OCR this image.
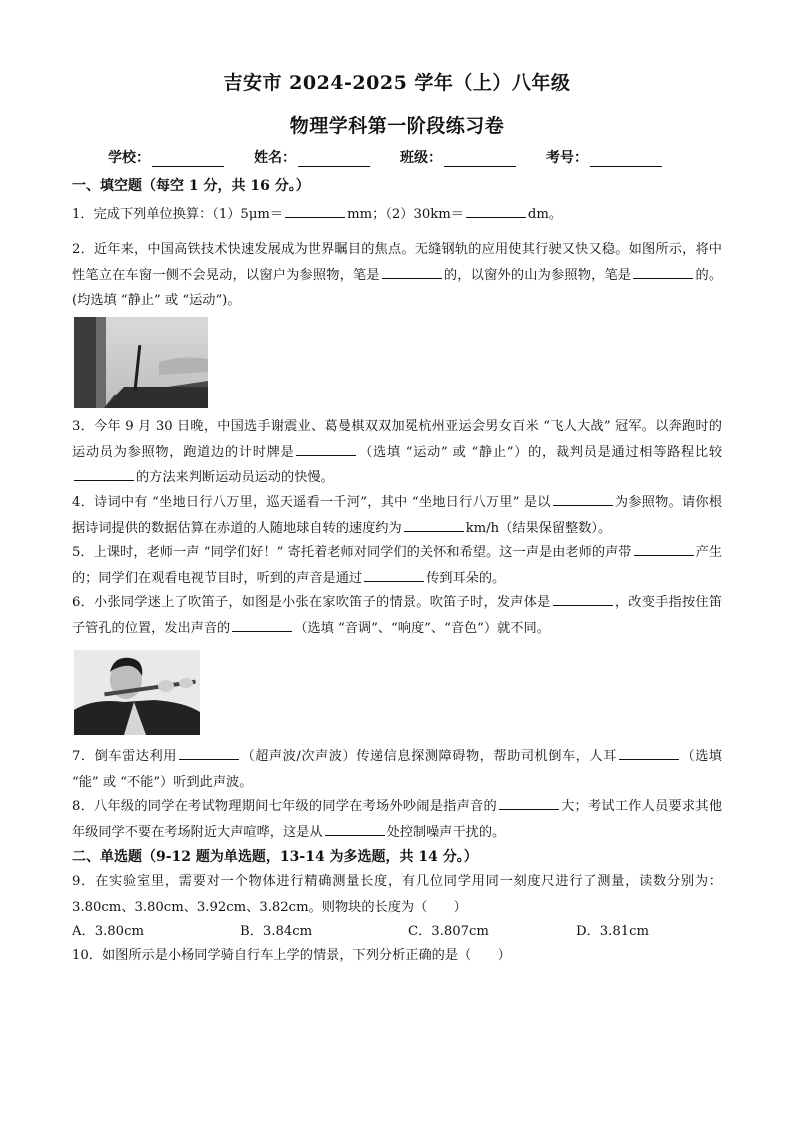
吉安市 2024-2025 学年（上）八年级
物理学科第一阶段练习卷
学校：	姓名：	班级：	考号：
一、填空题（每空 1 分，共 16 分。）
1．完成下列单位换算：（1）5μm＝	mm；（2）30km＝	dm。
2．近年来，中国高铁技术快速发展成为世界瞩目的焦点。无缝钢轨的应用使其行驶又快又稳。如图所示，将中性笔立在车窗一侧不会晃动，以窗户为参照物，笔是	的，以窗外的山为参照物，笔是	的。(均选填 “静止” 或 “运动”)。
3．今年 9 月 30 日晚，中国选手谢震业、葛曼棋双双加冕杭州亚运会男女百米 “飞人大战” 冠军。以奔跑时的运动员为参照物，跑道边的计时牌是	（选填 “运动” 或 “静止”）的，裁判员是通过相等路程比较的方法来判断运动员运动的快慢。
4．诗词中有 “坐地日行八万里，巡天遥看一千河”，其中 “坐地日行八万里” 是以	为参照物。请你根据诗词提供的数据估算在赤道的人随地球自转的速度约为	km/h（结果保留整数）。
5．上课时，老师一声 “同学们好！” 寄托着老师对同学们的关怀和希望。这一声是由老师的声带	产生的；同学们在观看电视节目时，听到的声音是通过	传到耳朵的。
6．小张同学迷上了吹笛子，如图是小张在家吹笛子的情景。吹笛子时，发声体是	，改变手指按住笛子管孔的位置，发出声音的	（选填 “音调”、“响度”、“音色”）就不同。
7．倒车雷达利用	（超声波/次声波）传递信息探测障碍物，帮助司机倒车，人耳	（选填 “能” 或 “不能”）听到此声波。
8．八年级的同学在考试物理期间七年级的同学在考场外吵闹是指声音的	大；考试工作人员要求其他年级同学不要在考场附近大声喧哗，这是从	处控制噪声干扰的。
二、单选题（9-12 题为单选题，13-14 为多选题，共 14 分。）
9．在实验室里，需要对一个物体进行精确测量长度，有几位同学用同一刻度尺进行了测量，读数分别为：3.80cm、3.80cm、3.92cm、3.82cm。则物块的长度为（　　）
A．3.80cm	B．3.84cm	C．3.807cm	D．3.81cm
10．如图所示是小杨同学骑自行车上学的情景，下列分析正确的是（　　）
